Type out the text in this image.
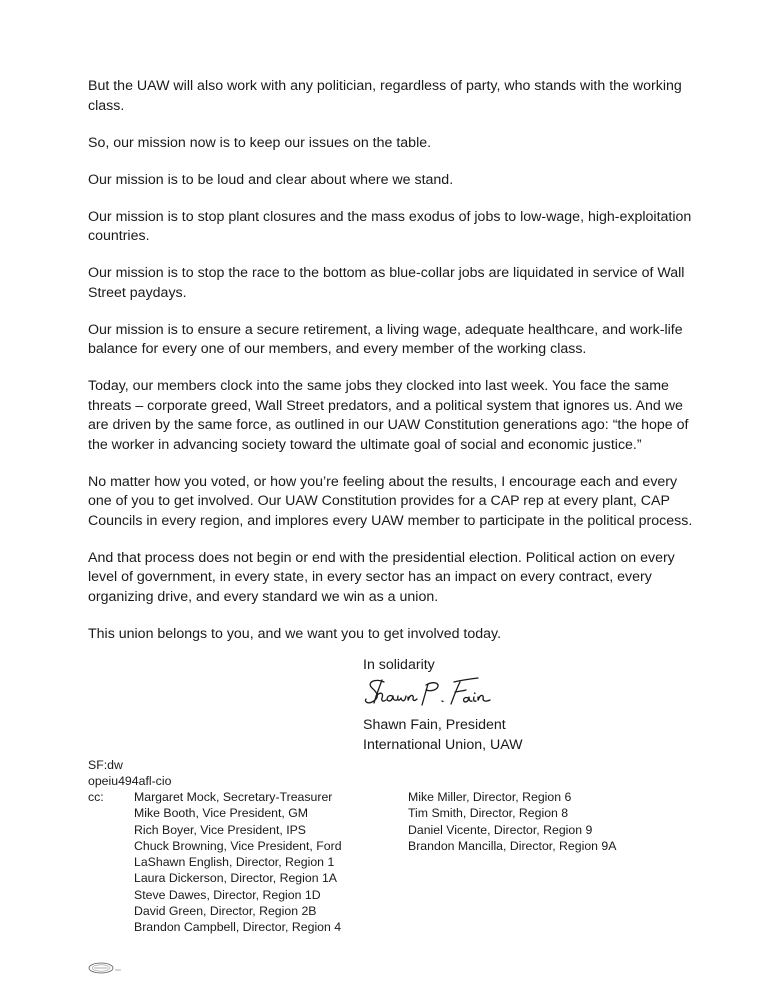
But the UAW will also work with any politician, regardless of party, who stands with the working class.

So, our mission now is to keep our issues on the table.

Our mission is to be loud and clear about where we stand.

Our mission is to stop plant closures and the mass exodus of jobs to low-wage, high-exploitation countries.

Our mission is to stop the race to the bottom as blue-collar jobs are liquidated in service of Wall Street paydays.

Our mission is to ensure a secure retirement, a living wage, adequate healthcare, and work-life balance for every one of our members, and every member of the working class.

Today, our members clock into the same jobs they clocked into last week. You face the same threats – corporate greed, Wall Street predators, and a political system that ignores us. And we are driven by the same force, as outlined in our UAW Constitution generations ago: “the hope of the worker in advancing society toward the ultimate goal of social and economic justice.”

No matter how you voted, or how you’re feeling about the results, I encourage each and every one of you to get involved. Our UAW Constitution provides for a CAP rep at every plant, CAP Councils in every region, and implores every UAW member to participate in the political process.

And that process does not begin or end with the presidential election. Political action on every level of government, in every state, in every sector has an impact on every contract, every organizing drive, and every standard we win as a union.

This union belongs to you, and we want you to get involved today.

In solidarity
Shawn Fain, President
International Union, UAW
SF:dw
opeiu494afl-cio
cc: Margaret Mock, Secretary-Treasurer
Mike Booth, Vice President, GM
Rich Boyer, Vice President, IPS
Chuck Browning, Vice President, Ford
LaShawn English, Director, Region 1
Laura Dickerson, Director, Region 1A
Steve Dawes, Director, Region 1D
David Green, Director, Region 2B
Brandon Campbell, Director, Region 4
Mike Miller, Director, Region 6
Tim Smith, Director, Region 8
Daniel Vicente, Director, Region 9
Brandon Mancilla, Director, Region 9A
